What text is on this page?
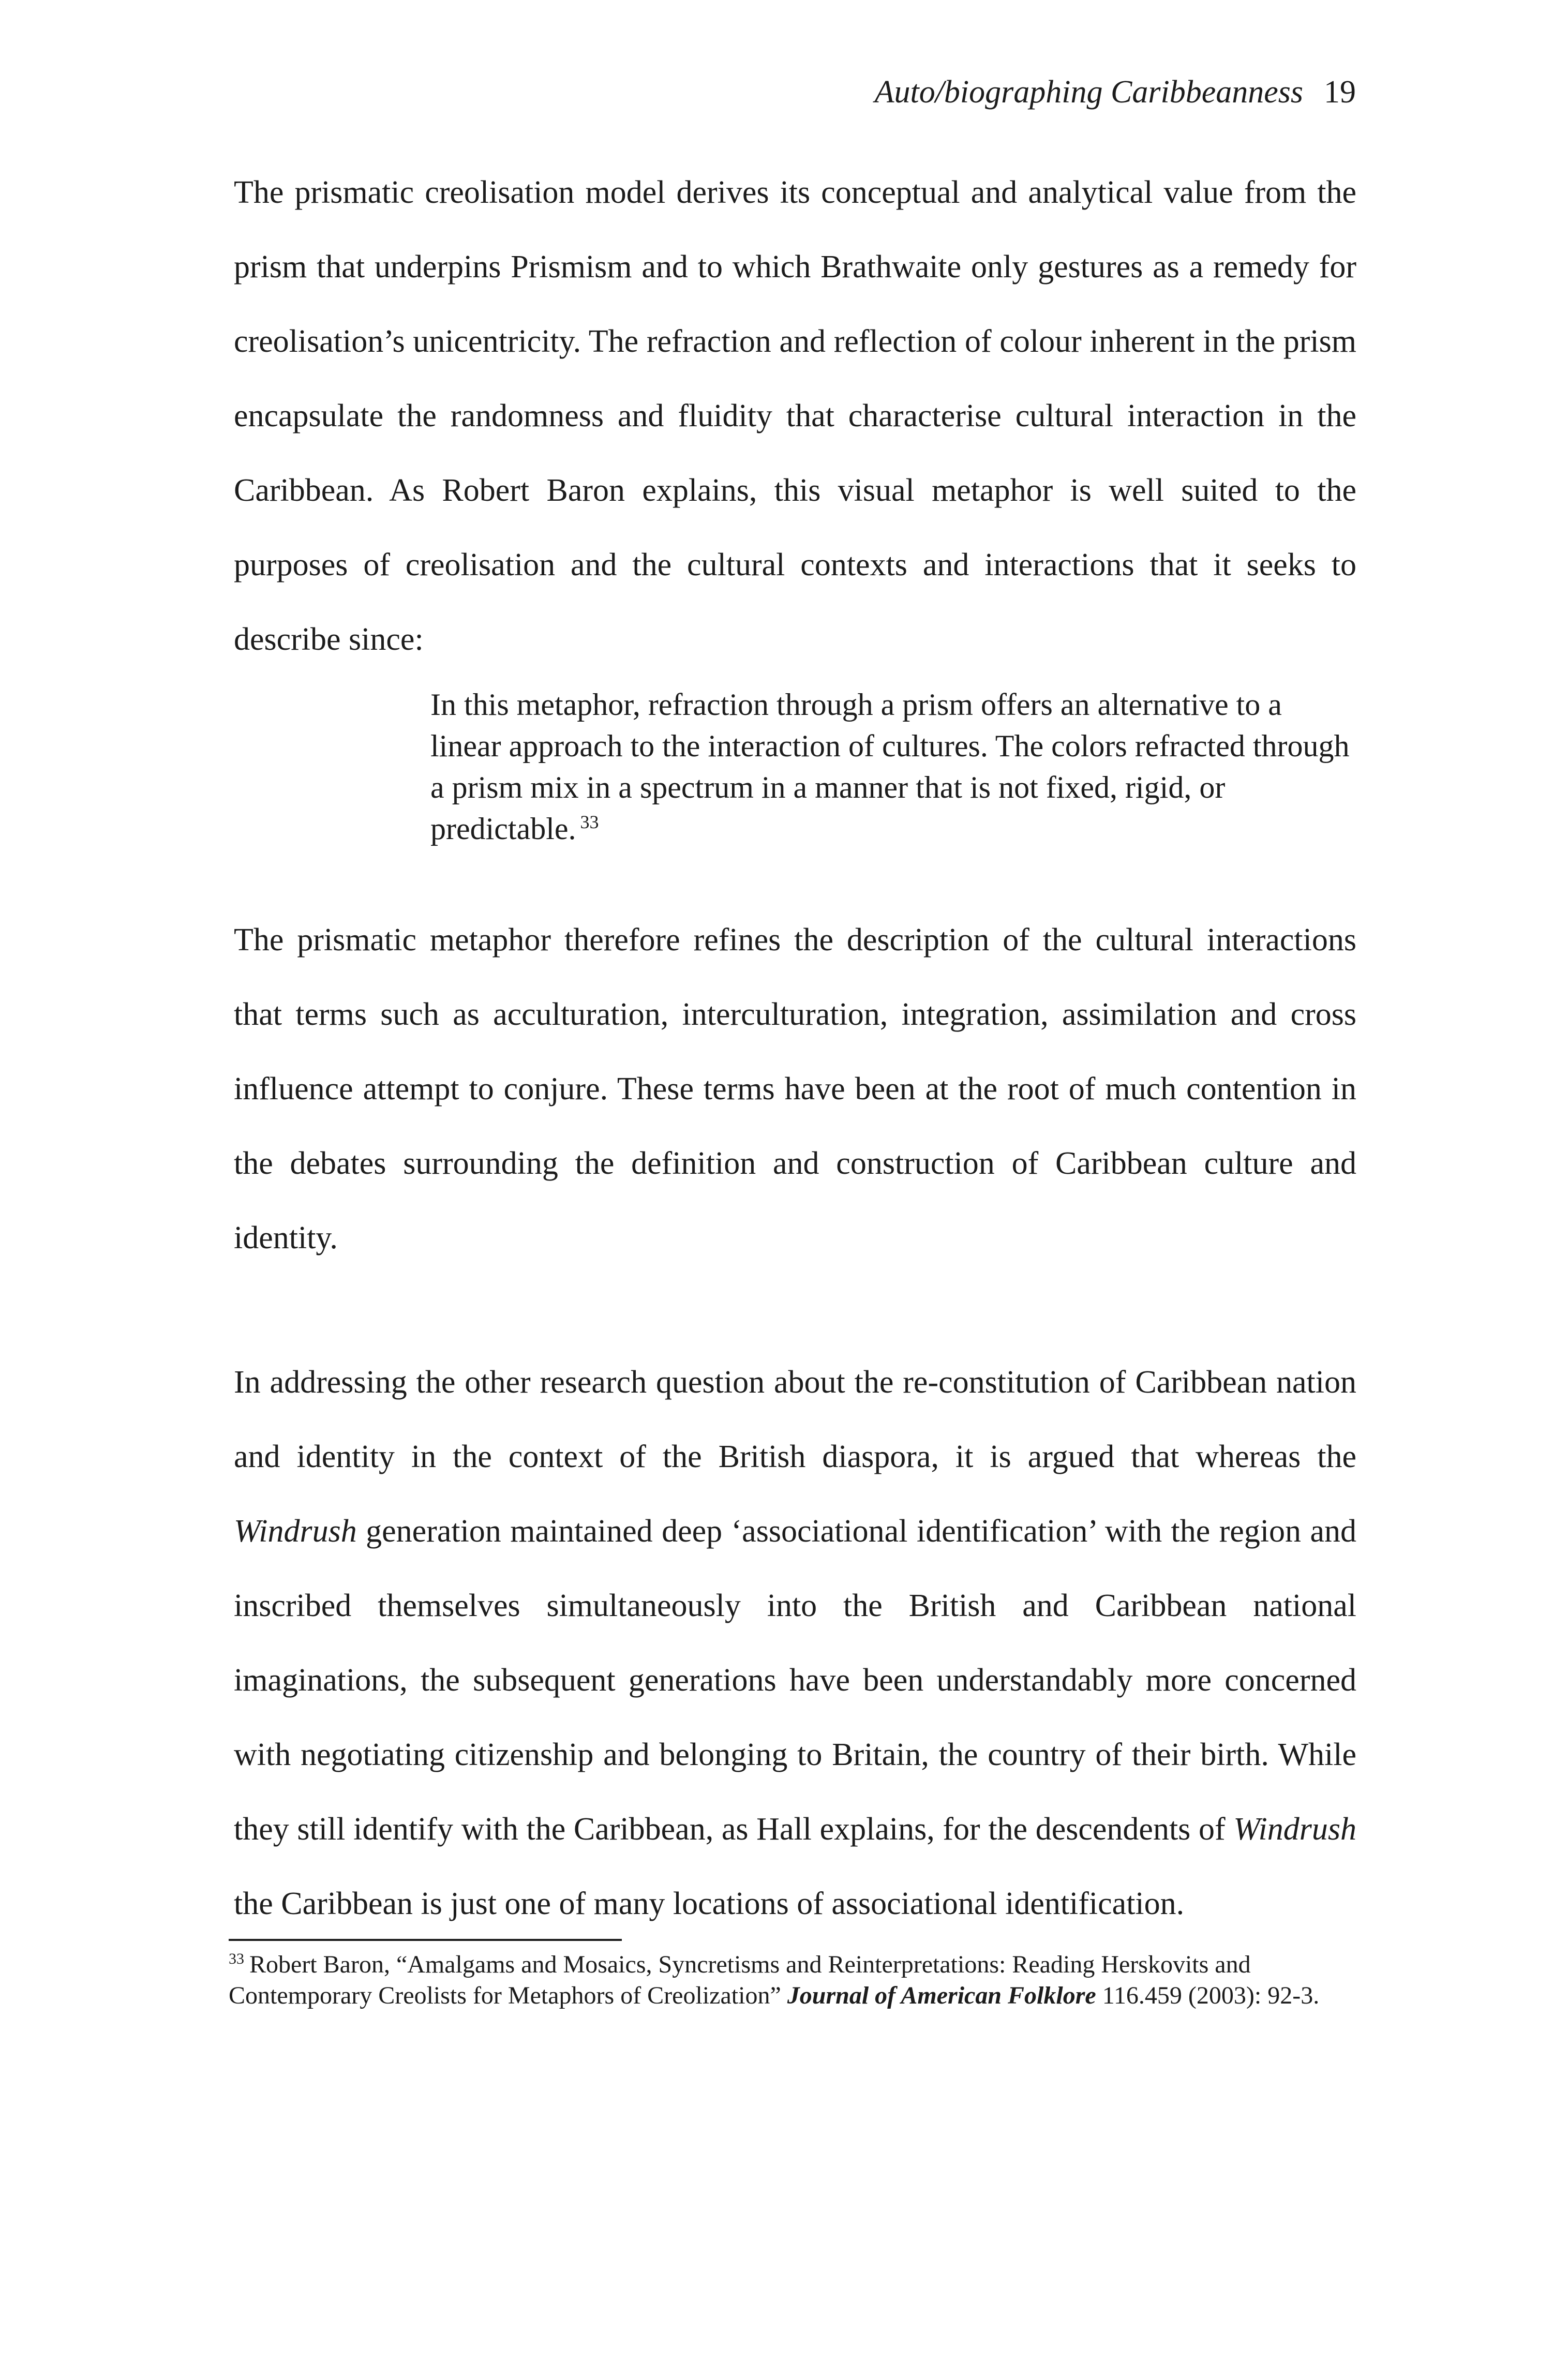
Auto/biographing Caribbeanness 19

The prismatic creolisation model derives its conceptual and analytical value from the prism that underpins Prismism and to which Brathwaite only gestures as a remedy for creolisation’s unicentricity. The refraction and reflection of colour inherent in the prism encapsulate the randomness and fluidity that characterise cultural interaction in the Caribbean. As Robert Baron explains, this visual metaphor is well suited to the purposes of creolisation and the cultural contexts and interactions that it seeks to describe since:

In this metaphor, refraction through a prism offers an alternative to a linear approach to the interaction of cultures. The colors refracted through a prism mix in a spectrum in a manner that is not fixed, rigid, or predictable. $^{33}$

The prismatic metaphor therefore refines the description of the cultural interactions that terms such as acculturation, interculturation, integration, assimilation and cross influence attempt to conjure. These terms have been at the root of much contention in the debates surrounding the definition and construction of Caribbean culture and identity.

In addressing the other research question about the re-constitution of Caribbean nation and identity in the context of the British diaspora, it is argued that whereas the Windrush generation maintained deep ‘associational identification’ with the region and inscribed themselves simultaneously into the British and Caribbean national imaginations, the subsequent generations have been understandably more concerned with negotiating citizenship and belonging to Britain, the country of their birth. While they still identify with the Caribbean, as Hall explains, for the descendents of Windrush the Caribbean is just one of many locations of associational identification.

$^{33}$ Robert Baron, “Amalgams and Mosaics, Syncretisms and Reinterpretations: Reading Herskovits and Contemporary Creolists for Metaphors of Creolization” Journal of American Folklore 116.459 (2003): 92-3.
